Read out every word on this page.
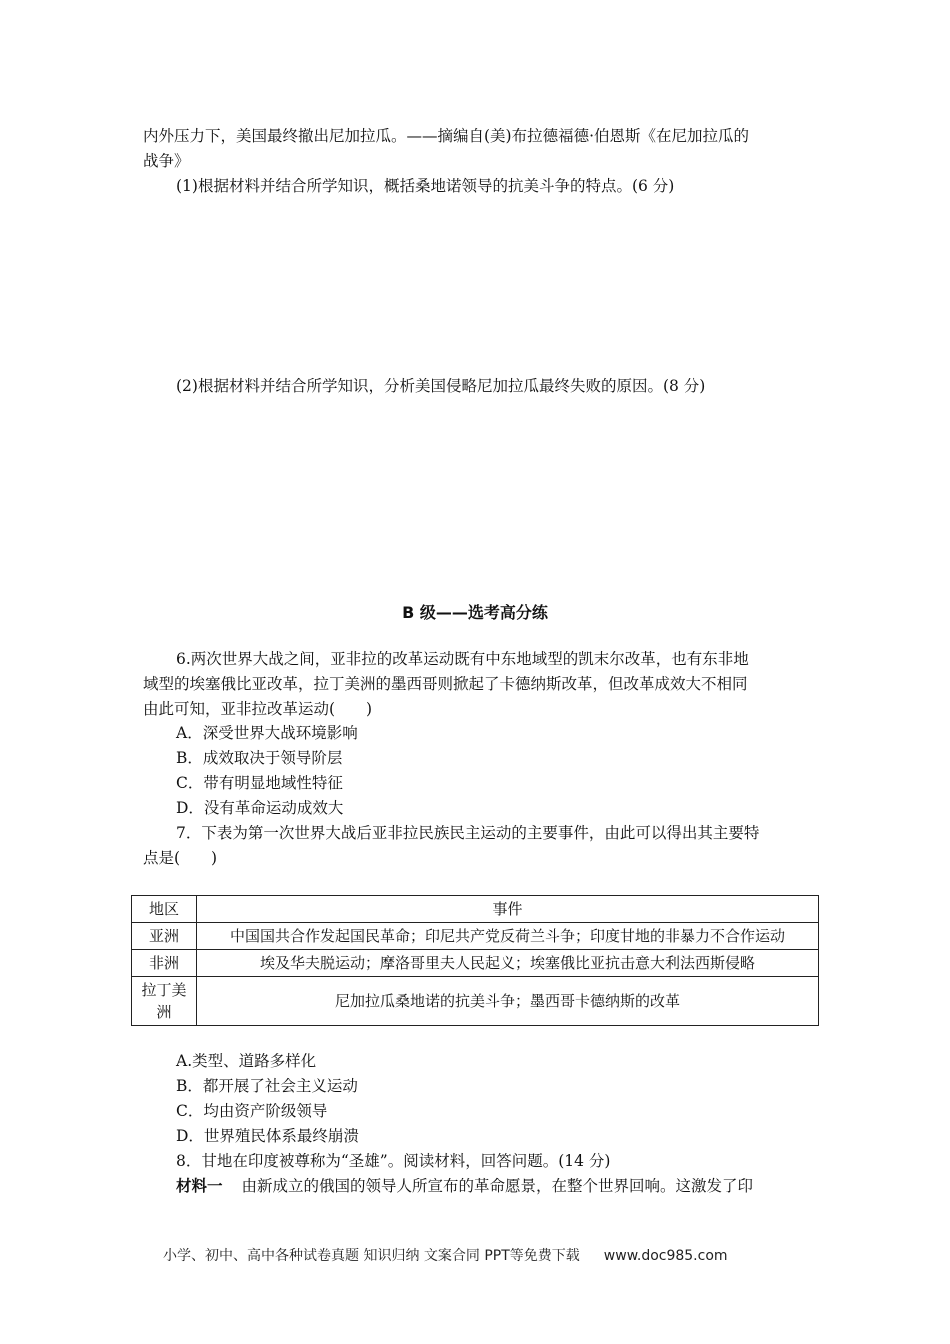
内外压力下，美国最终撤出尼加拉瓜。——摘编自(美)布拉德福德·伯恩斯《在尼加拉瓜的
战争》
(1)根据材料并结合所学知识，概括桑地诺领导的抗美斗争的特点。(6 分)
(2)根据材料并结合所学知识，分析美国侵略尼加拉瓜最终失败的原因。(8 分)
B 级——选考高分练
6.两次世界大战之间，亚非拉的改革运动既有中东地域型的凯末尔改革，也有东非地
域型的埃塞俄比亚改革，拉丁美洲的墨西哥则掀起了卡德纳斯改革，但改革成效大不相同
由此可知，亚非拉改革运动(　　)
A．深受世界大战环境影响
B．成效取决于领导阶层
C．带有明显地域性特征
D．没有革命运动成效大
7．下表为第一次世界大战后亚非拉民族民主运动的主要事件，由此可以得出其主要特
点是(　　)
地区	事件
亚洲	中国国共合作发起国民革命；印尼共产党反荷兰斗争；印度甘地的非暴力不合作运动
非洲	埃及华夫脱运动；摩洛哥里夫人民起义；埃塞俄比亚抗击意大利法西斯侵略
拉丁美洲	尼加拉瓜桑地诺的抗美斗争；墨西哥卡德纳斯的改革
A.类型、道路多样化
B．都开展了社会主义运动
C．均由资产阶级领导
D．世界殖民体系最终崩溃
8．甘地在印度被尊称为“圣雄”。阅读材料，回答问题。(14 分)
材料一 由新成立的俄国的领导人所宣布的革命愿景，在整个世界回响。这激发了印
小学、初中、高中各种试卷真题 知识归纳 文案合同 PPT等免费下载 www.doc985.com
